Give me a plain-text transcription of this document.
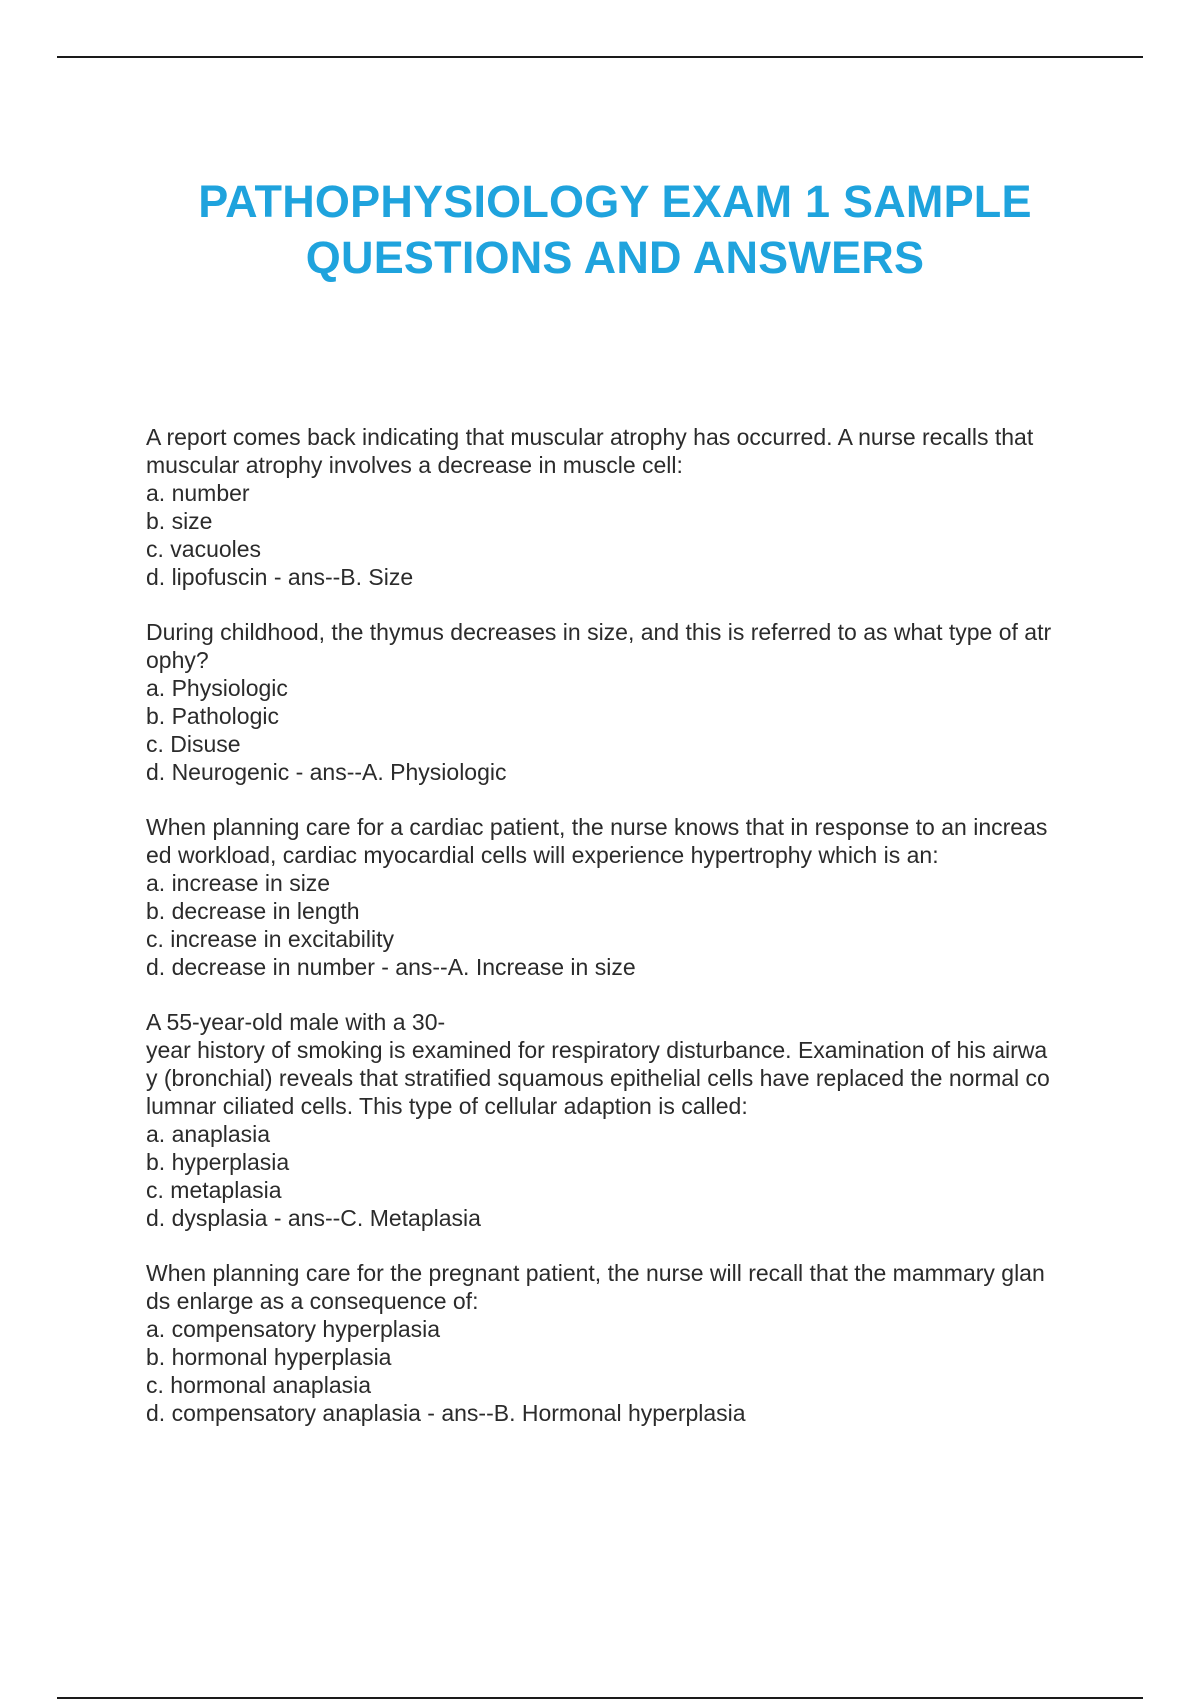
PATHOPHYSIOLOGY EXAM 1 SAMPLE
QUESTIONS AND ANSWERS
A report comes back indicating that muscular atrophy has occurred. A nurse recalls that
muscular atrophy involves a decrease in muscle cell:
a. number
b. size
c. vacuoles
d. lipofuscin - ans--B. Size
During childhood, the thymus decreases in size, and this is referred to as what type of atr
ophy?
a. Physiologic
b. Pathologic
c. Disuse
d. Neurogenic - ans--A. Physiologic
When planning care for a cardiac patient, the nurse knows that in response to an increas
ed workload, cardiac myocardial cells will experience hypertrophy which is an:
a. increase in size
b. decrease in length
c. increase in excitability
d. decrease in number - ans--A. Increase in size
A 55-year-old male with a 30-
year history of smoking is examined for respiratory disturbance. Examination of his airwa
y (bronchial) reveals that stratified squamous epithelial cells have replaced the normal co
lumnar ciliated cells. This type of cellular adaption is called:
a. anaplasia
b. hyperplasia
c. metaplasia
d. dysplasia - ans--C. Metaplasia
When planning care for the pregnant patient, the nurse will recall that the mammary glan
ds enlarge as a consequence of:
a. compensatory hyperplasia
b. hormonal hyperplasia
c. hormonal anaplasia
d. compensatory anaplasia - ans--B. Hormonal hyperplasia
